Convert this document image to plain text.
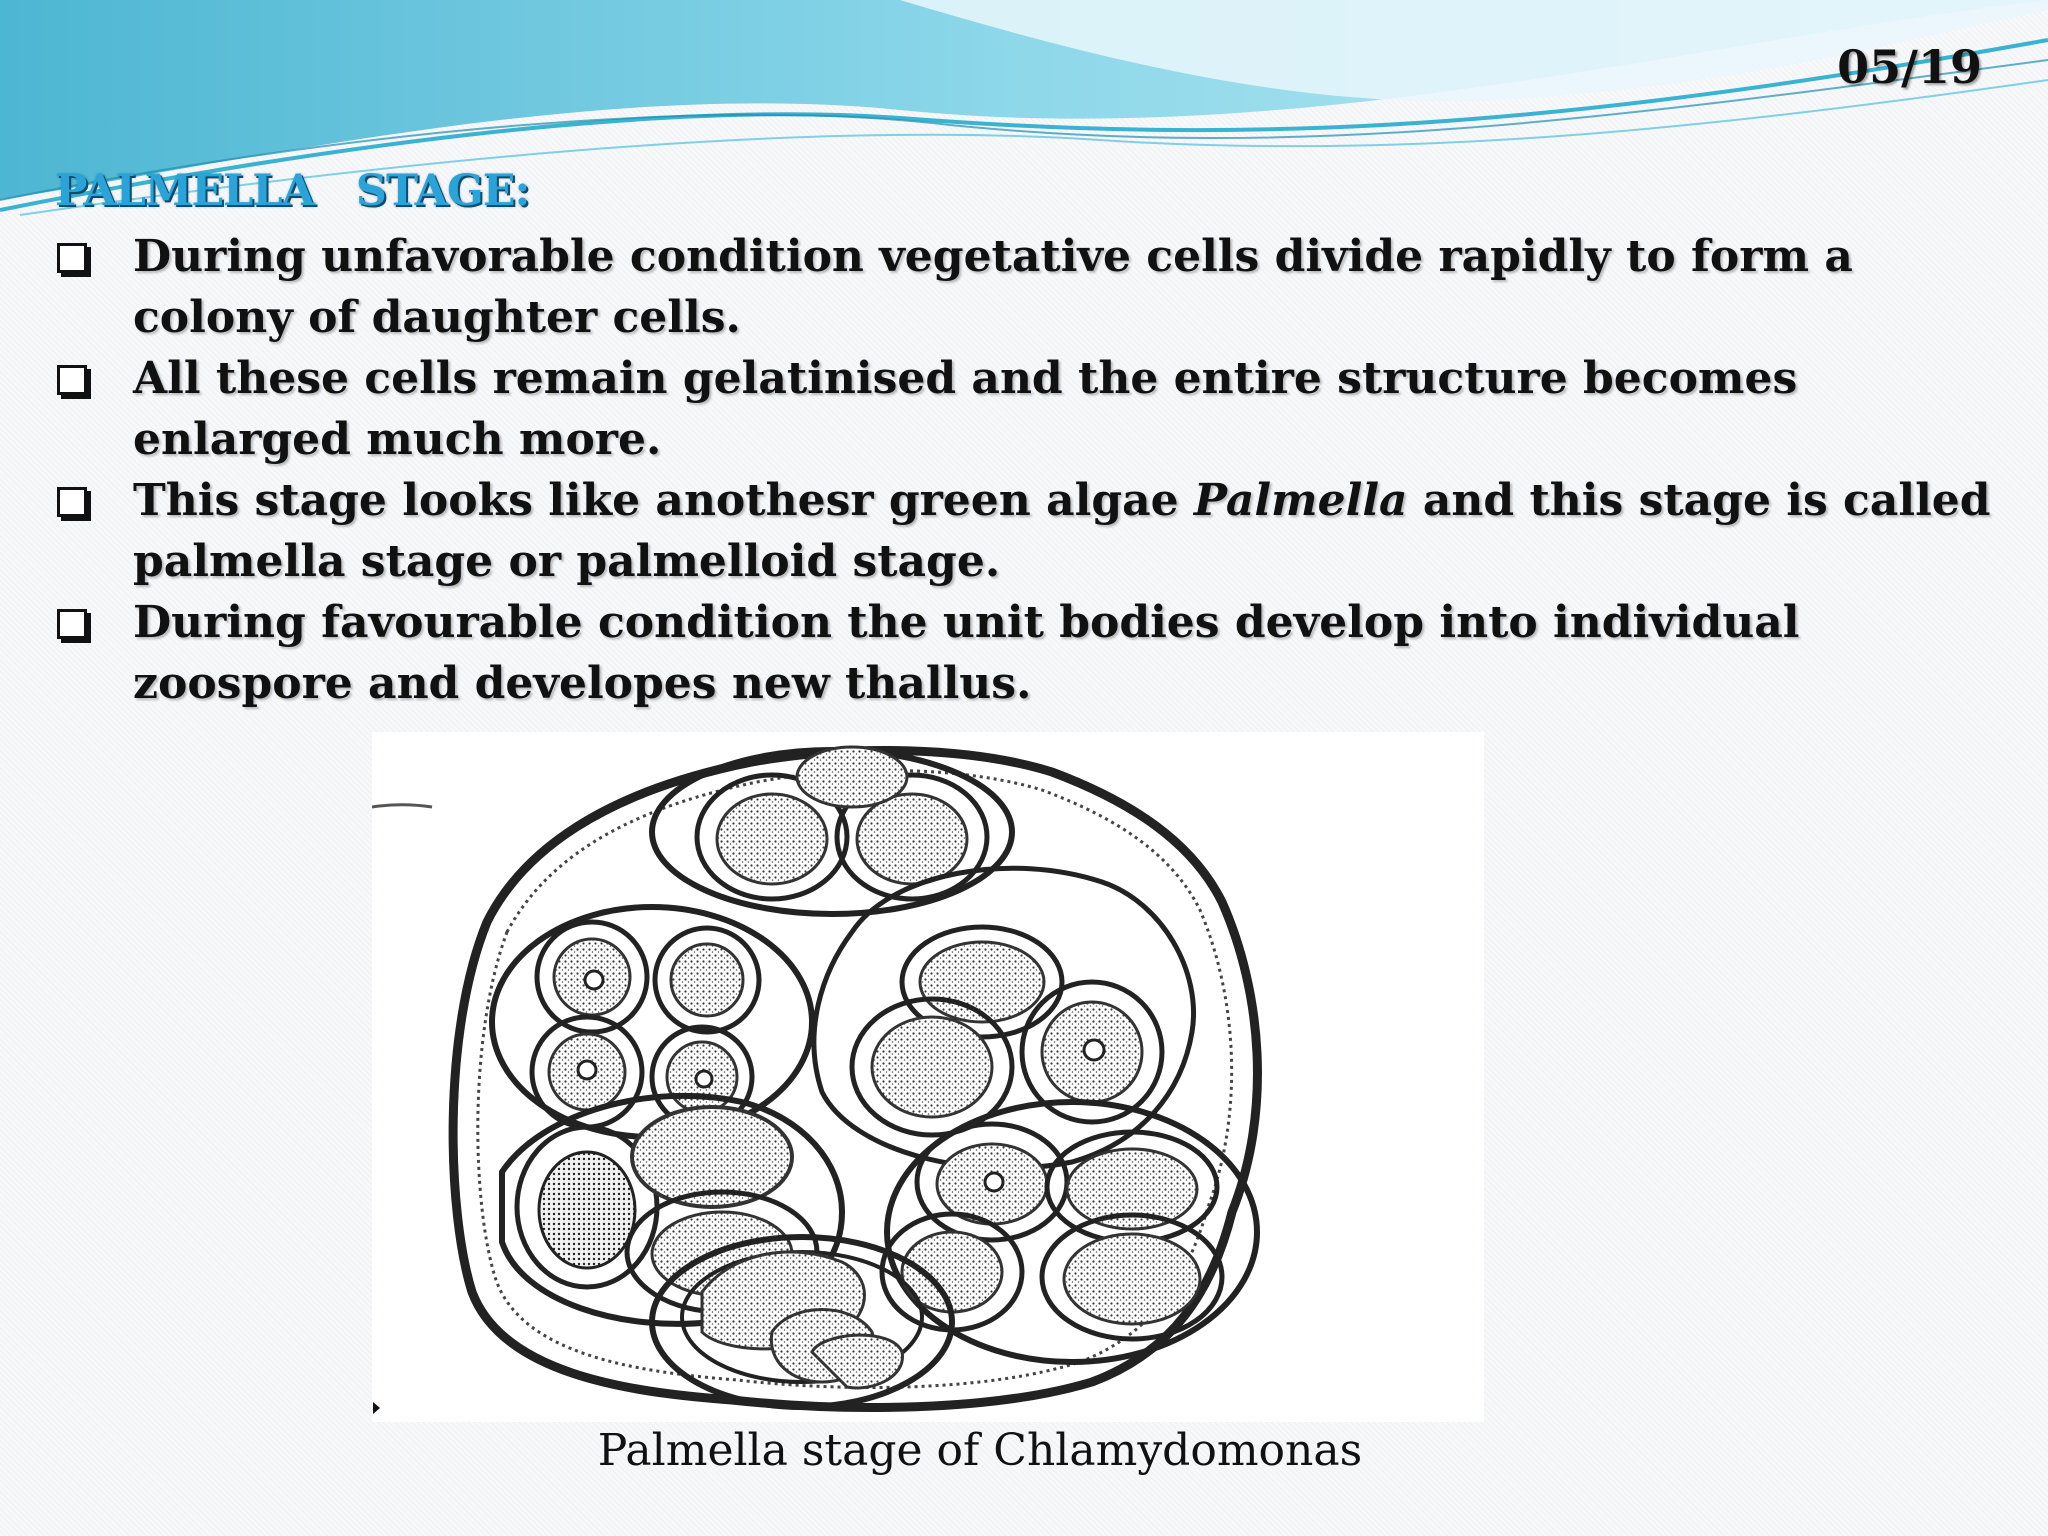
05/19
PALMELLA   STAGE:
During unfavorable condition vegetative cells divide rapidly to form a colony of daughter cells.
All these cells remain gelatinised and the entire structure becomes enlarged much more.
This stage looks like anothesr green algae Palmella and this stage is called palmella stage or palmelloid stage.
During favourable condition the unit bodies develop into individual zoospore and developes new thallus.
Palmella stage of Chlamydomonas
